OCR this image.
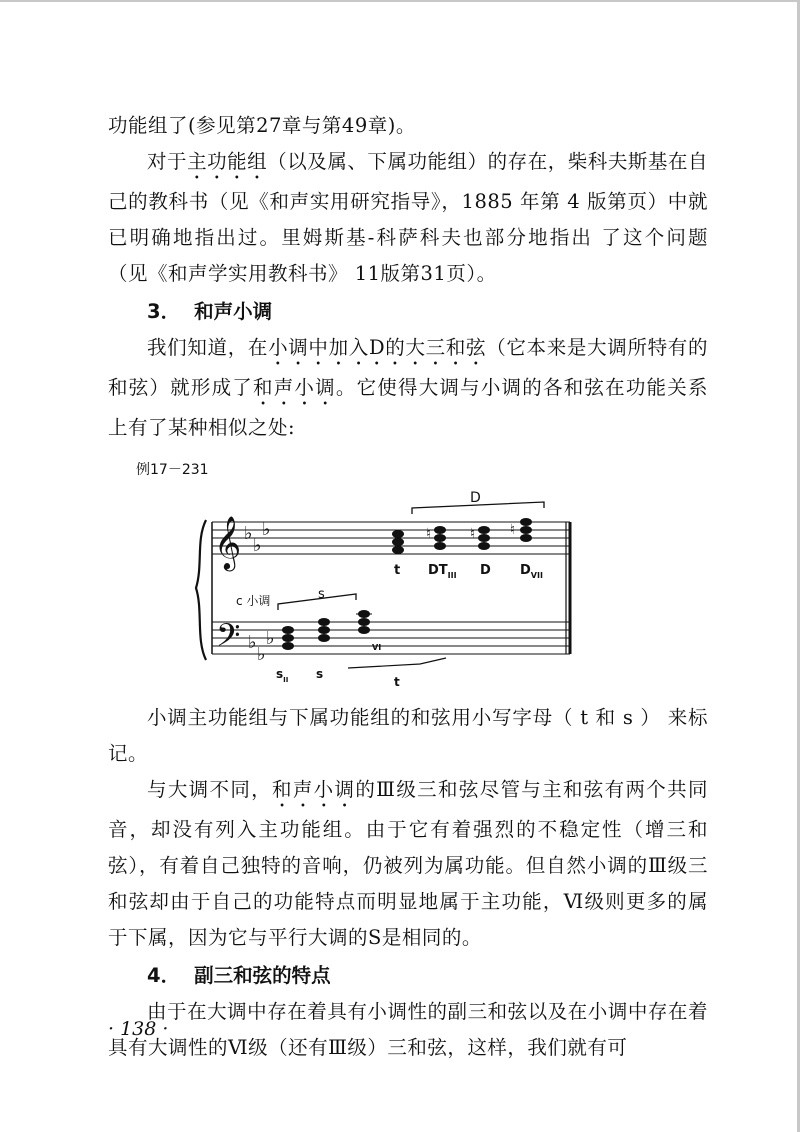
功能组了(参见第27章与第49章)。

对于主功能组（以及属、下属功能组）的存在，柴科夫斯基在自己的教科书（见《和声实用研究指导》，1885 年第 4 版第页）中就已明确地指出过。里姆斯基-科萨科夫也部分地指出 了这个问题 （见《和声学实用教科书》 11版第31页）。

3． 和声小调

我们知道，在小调中加入D的大三和弦（它本来是大调所特有的和弦）就形成了和声小调。它使得大调与小调的各和弦在功能关系上有了某种相似之处:

例17－231
𝄞
𝄢
♭
♭
♭
♭
♭
♭
c 小调
♮	♮ ♮
D
s
t $DT_{III}$ D $D_{VII}$
$s_{II}$ s
VI
t

小调主功能组与下属功能组的和弦用小写字母（ t 和 s ） 来标记。

与大调不同，和声小调的Ⅲ级三和弦尽管与主和弦有两个共同音，却没有列入主功能组。由于它有着强烈的不稳定性（增三和弦），有着自己独特的音响，仍被列为属功能。但自然小调的Ⅲ级三和弦却由于自己的功能特点而明显地属于主功能，Ⅵ级则更多的属于下属，因为它与平行大调的S是相同的。

4． 副三和弦的特点

由于在大调中存在着具有小调性的副三和弦以及在小调中存在着具有大调性的Ⅵ级（还有Ⅲ级）三和弦，这样，我们就有可

· 138 ·
